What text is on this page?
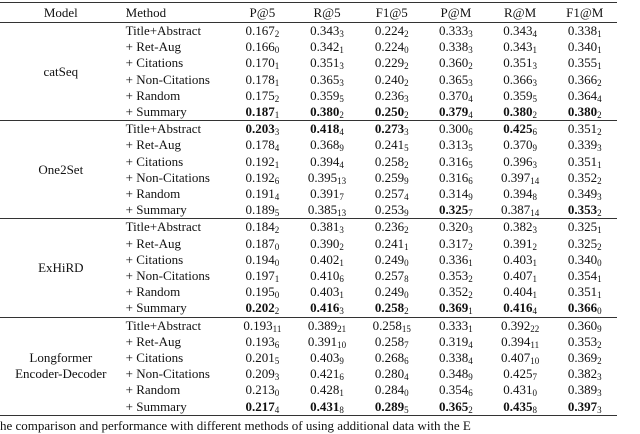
Model	Method	P@5	R@5	F1@5	P@M	R@M	F1@M

catSeq	Title+Abstract	$0.167_2$	$0.343_3$	$0.224_2$	$0.333_3$	$0.343_4$	$0.338_1$
	+ Ret-Aug	$0.166_0$	$0.342_1$	$0.224_0$	$0.338_3$	$0.343_1$	$0.340_1$
	+ Citations	$0.170_1$	$0.351_3$	$0.229_2$	$0.360_2$	$0.351_3$	$0.355_1$
	+ Non-Citations	$0.178_1$	$0.365_3$	$0.240_2$	$0.365_3$	$0.366_3$	$0.366_2$
	+ Random	$0.175_2$	$0.359_5$	$0.236_3$	$0.370_4$	$0.359_5$	$0.364_4$
	+ Summary	$0.187_1$	$0.380_2$	$0.250_2$	$0.379_4$	$0.380_2$	$0.380_2$

One2Set	Title+Abstract	$0.203_3$	$0.418_4$	$0.273_3$	$0.300_6$	$0.425_6$	$0.351_2$
	+ Ret-Aug	$0.178_4$	$0.368_9$	$0.241_5$	$0.313_5$	$0.370_9$	$0.339_3$
	+ Citations	$0.192_1$	$0.394_4$	$0.258_2$	$0.316_5$	$0.396_3$	$0.351_1$
	+ Non-Citations	$0.192_6$	$0.395_{13}$	$0.259_9$	$0.316_6$	$0.397_{14}$	$0.352_2$
	+ Random	$0.191_4$	$0.391_7$	$0.257_4$	$0.314_9$	$0.394_8$	$0.349_3$
	+ Summary	$0.189_5$	$0.385_{13}$	$0.253_9$	$0.325_7$	$0.387_{14}$	$0.353_2$

ExHiRD	Title+Abstract	$0.184_2$	$0.381_3$	$0.236_2$	$0.320_3$	$0.382_3$	$0.325_1$
	+ Ret-Aug	$0.187_0$	$0.390_2$	$0.241_1$	$0.317_2$	$0.391_2$	$0.325_2$
	+ Citations	$0.194_0$	$0.402_1$	$0.249_0$	$0.336_1$	$0.403_1$	$0.340_0$
	+ Non-Citations	$0.197_1$	$0.410_6$	$0.257_8$	$0.353_2$	$0.407_1$	$0.354_1$
	+ Random	$0.195_0$	$0.403_1$	$0.249_0$	$0.352_2$	$0.404_1$	$0.351_1$
	+ Summary	$0.202_2$	$0.416_3$	$0.258_2$	$0.369_1$	$0.416_4$	$0.366_0$

Longformer
Encoder-Decoder	Title+Abstract	$0.193_{11}$	$0.389_{21}$	$0.258_{15}$	$0.333_1$	$0.392_{22}$	$0.360_9$
	+ Ret-Aug	$0.193_6$	$0.391_{10}$	$0.258_7$	$0.319_4$	$0.394_{11}$	$0.353_2$
	+ Citations	$0.201_5$	$0.403_9$	$0.268_6$	$0.338_4$	$0.407_{10}$	$0.369_2$
	+ Non-Citations	$0.209_3$	$0.421_6$	$0.280_4$	$0.348_9$	$0.425_7$	$0.382_3$
	+ Random	$0.213_0$	$0.428_1$	$0.284_0$	$0.354_6$	$0.431_0$	$0.389_3$
	+ Summary	$0.217_4$	$0.431_8$	$0.289_5$	$0.365_2$	$0.435_8$	$0.397_3$
he comparison and performance with different methods of using additional data with the E
